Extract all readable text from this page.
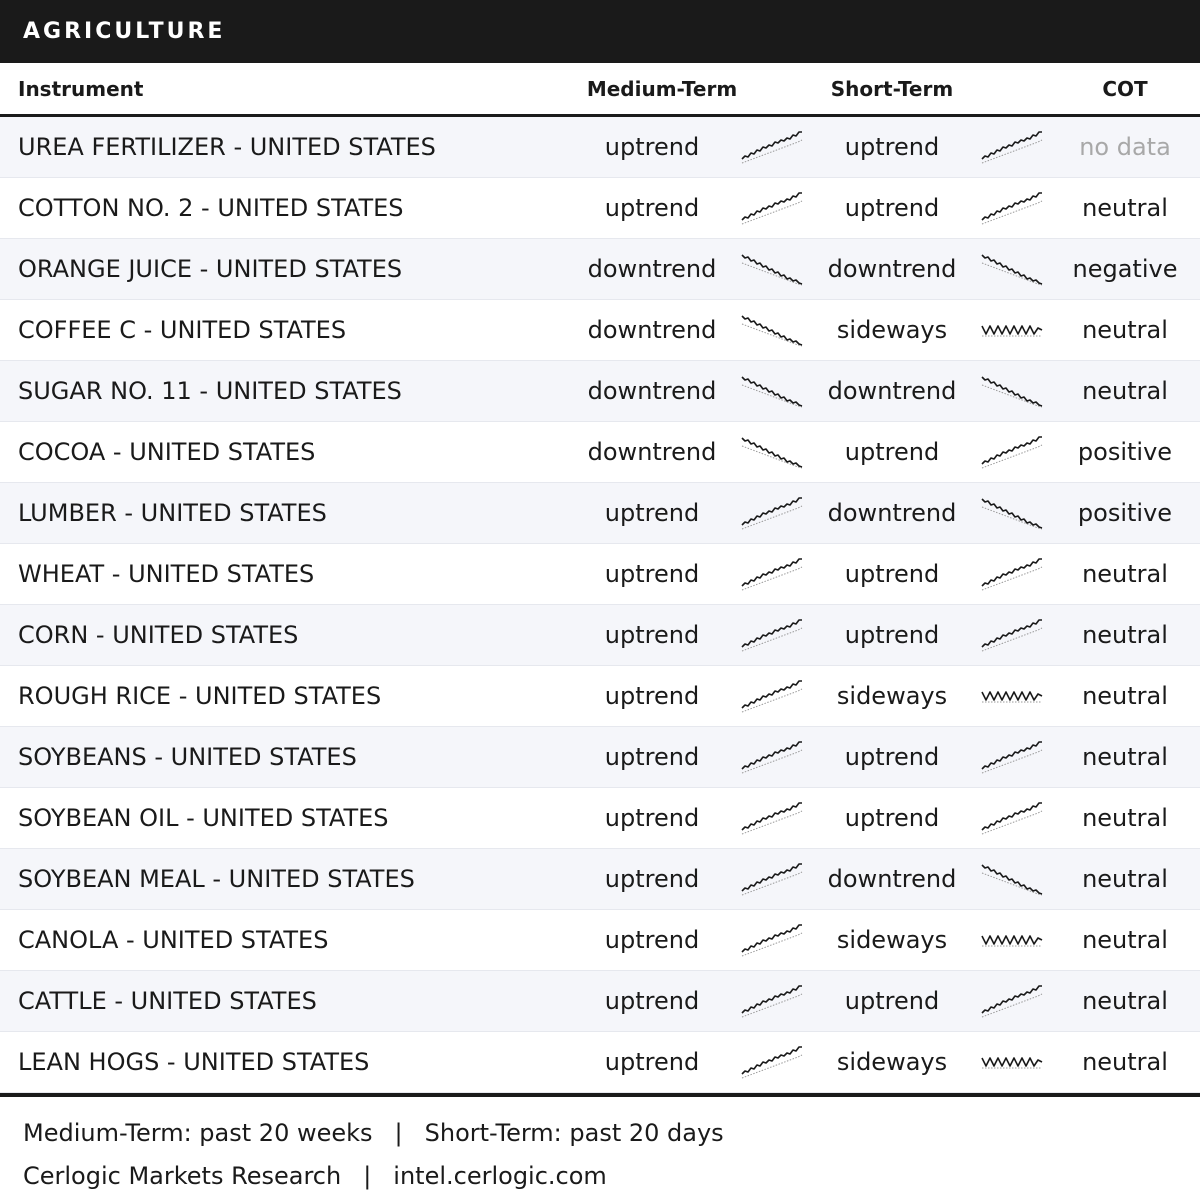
AGRICULTURE
Instrument	Medium-Term	Short-Term	COT
UREA FERTILIZER - UNITED STATES	uptrend	uptrend	no data
COTTON NO. 2 - UNITED STATES	uptrend	uptrend	neutral
ORANGE JUICE - UNITED STATES	downtrend	downtrend	negative
COFFEE C - UNITED STATES	downtrend	sideways	neutral
SUGAR NO. 11 - UNITED STATES	downtrend	downtrend	neutral
COCOA - UNITED STATES	downtrend	uptrend	positive
LUMBER - UNITED STATES	uptrend	downtrend	positive
WHEAT - UNITED STATES	uptrend	uptrend	neutral
CORN - UNITED STATES	uptrend	uptrend	neutral
ROUGH RICE - UNITED STATES	uptrend	sideways	neutral
SOYBEANS - UNITED STATES	uptrend	uptrend	neutral
SOYBEAN OIL - UNITED STATES	uptrend	uptrend	neutral
SOYBEAN MEAL - UNITED STATES	uptrend	downtrend	neutral
CANOLA - UNITED STATES	uptrend	sideways	neutral
CATTLE - UNITED STATES	uptrend	uptrend	neutral
LEAN HOGS - UNITED STATES	uptrend	sideways	neutral
Medium-Term: past 20 weeks | Short-Term: past 20 days
Cerlogic Markets Research | intel.cerlogic.com
